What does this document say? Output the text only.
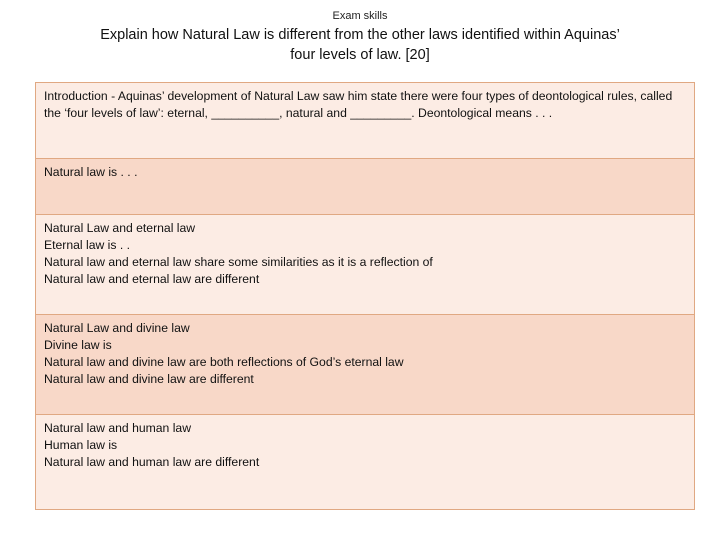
Exam skills
Explain how Natural Law is different from the other laws identified within Aquinas’ four levels of law. [20]
Introduction - Aquinas’ development of Natural Law saw him state there were four types of deontological rules, called the ‘four levels of law’: eternal, __________, natural and _________. Deontological means . . .
Natural law is . . .
Natural Law and eternal law
Eternal law is . .
Natural law and eternal law share some similarities as it is a reflection of
Natural law and eternal law are different
Natural Law and divine law
Divine law is
Natural law and divine law are both reflections of God’s eternal law
Natural law and divine law are different
Natural law and human law
Human law is
Natural law and human law are different
